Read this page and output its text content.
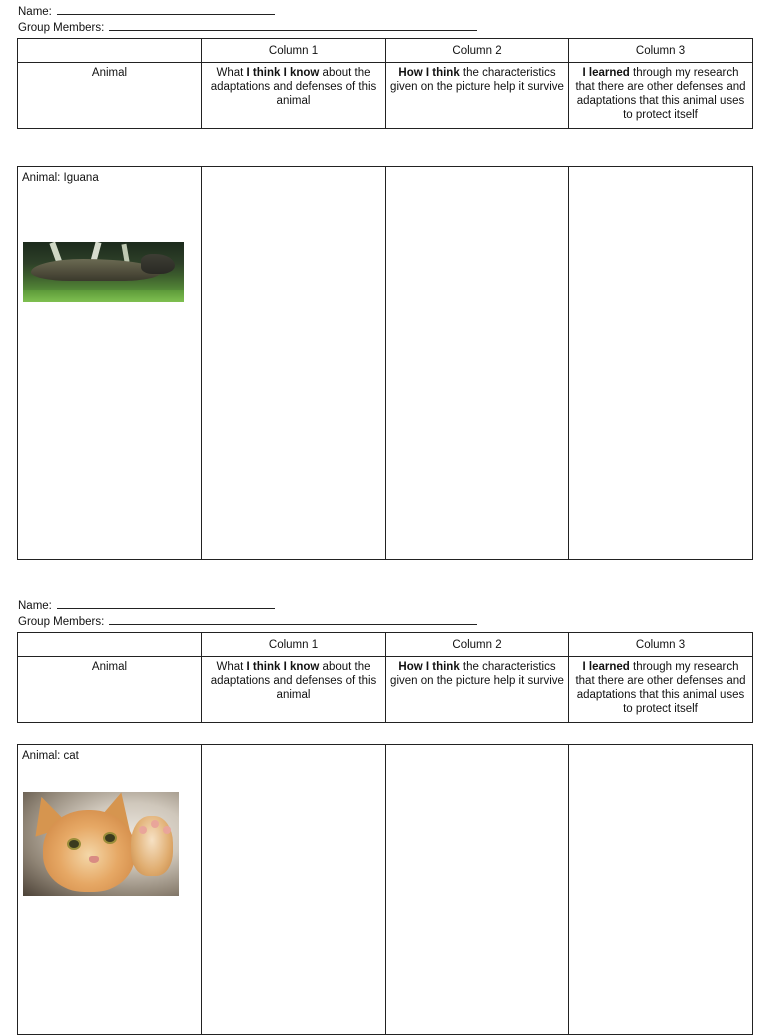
Name:
Group Members:
	Column 1	Column 2	Column 3
Animal	What I think I know about the adaptations and defenses of this animal	How I think the characteristics given on the picture help it survive	I learned through my research that there are other defenses and adaptations that this animal uses to protect itself
Animal: Iguana

Name:
Group Members:
	Column 1	Column 2	Column 3
Animal	What I think I know about the adaptations and defenses of this animal	How I think the characteristics given on the picture help it survive	I learned through my research that there are other defenses and adaptations that this animal uses to protect itself
Animal: cat
